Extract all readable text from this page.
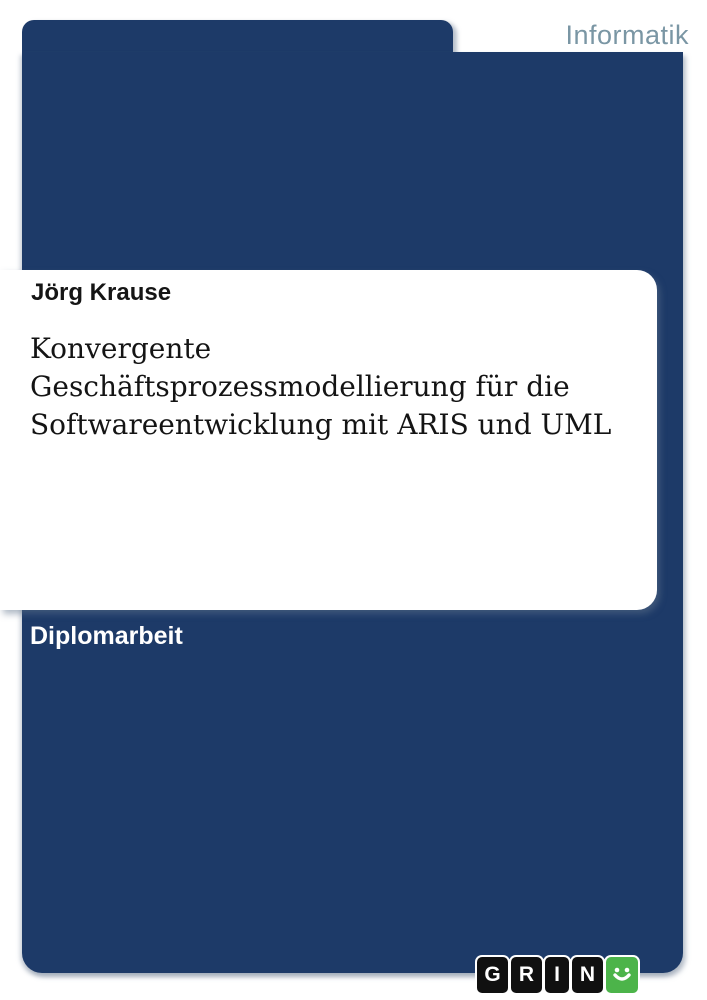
Informatik
Jörg Krause
Konvergente
Geschäftsprozessmodellierung für die
Softwareentwicklung mit ARIS und UML
Diplomarbeit
G R I N
